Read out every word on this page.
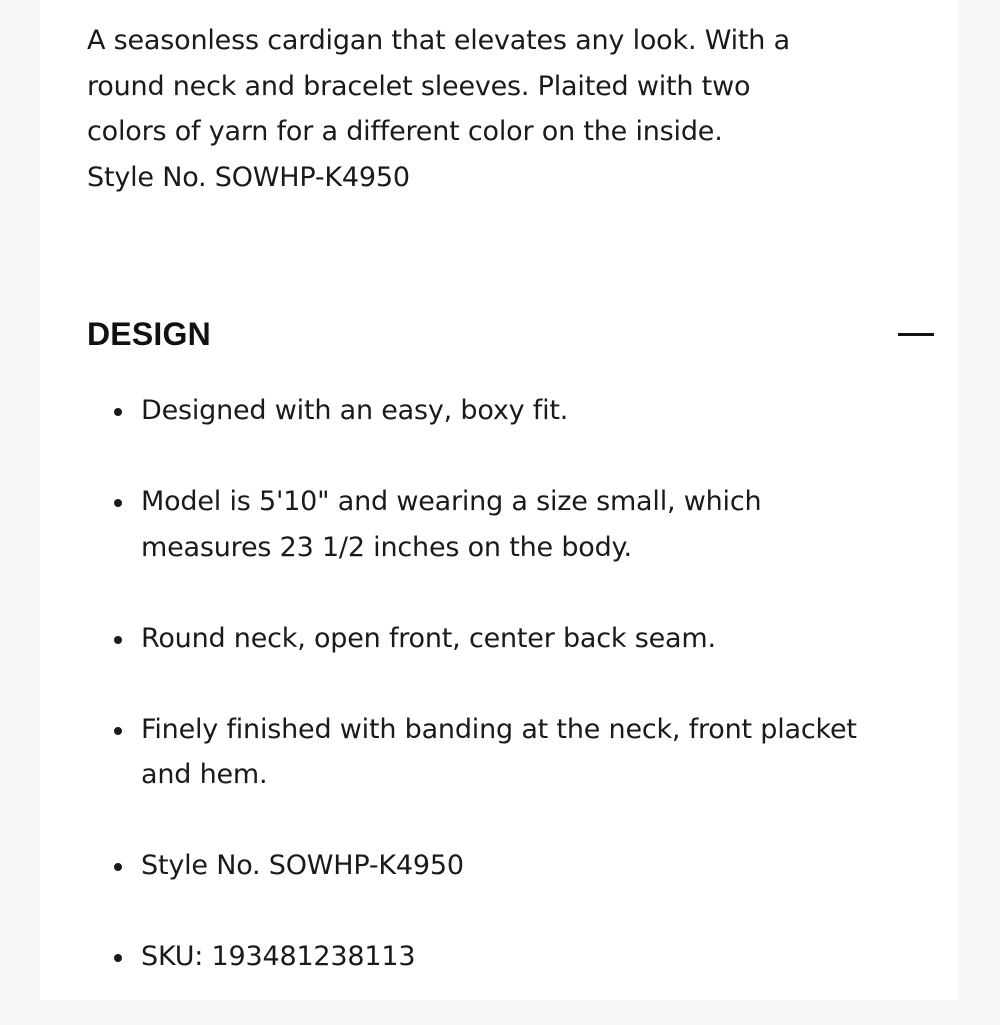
A seasonless cardigan that elevates any look. With a
round neck and bracelet sleeves. Plaited with two
colors of yarn for a different color on the inside.
Style No. SOWHP-K4950

DESIGN
Designed with an easy, boxy fit.
Model is 5'10" and wearing a size small, which
measures 23 1/2 inches on the body.
Round neck, open front, center back seam.
Finely finished with banding at the neck, front placket
and hem.
Style No. SOWHP-K4950
SKU: 193481238113
